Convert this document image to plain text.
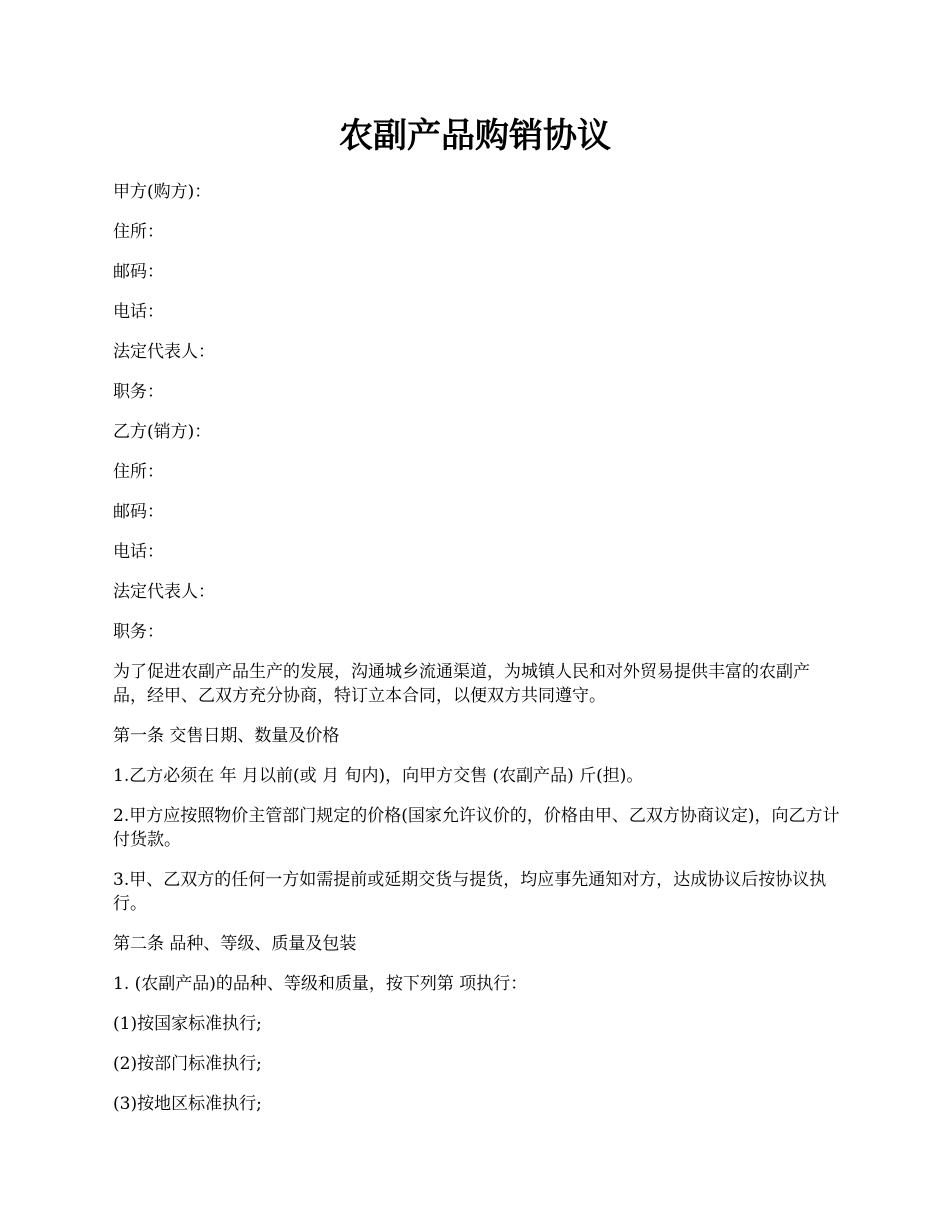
农副产品购销协议

甲方(购方)：

住所：

邮码：

电话：

法定代表人：

职务：

乙方(销方)：

住所：

邮码：

电话：

法定代表人：

职务：

为了促进农副产品生产的发展，沟通城乡流通渠道，为城镇人民和对外贸易提供丰富的农副产品，经甲、乙双方充分协商，特订立本合同，以便双方共同遵守。

第一条 交售日期、数量及价格

1.乙方必须在 年 月以前(或 月 旬内)，向甲方交售 (农副产品) 斤(担)。

2.甲方应按照物价主管部门规定的价格(国家允许议价的，价格由甲、乙双方协商议定)，向乙方计付货款。

3.甲、乙双方的任何一方如需提前或延期交货与提货，均应事先通知对方，达成协议后按协议执行。

第二条 品种、等级、质量及包装

1. (农副产品)的品种、等级和质量，按下列第 项执行：

(1)按国家标准执行;

(2)按部门标准执行;

(3)按地区标准执行;
